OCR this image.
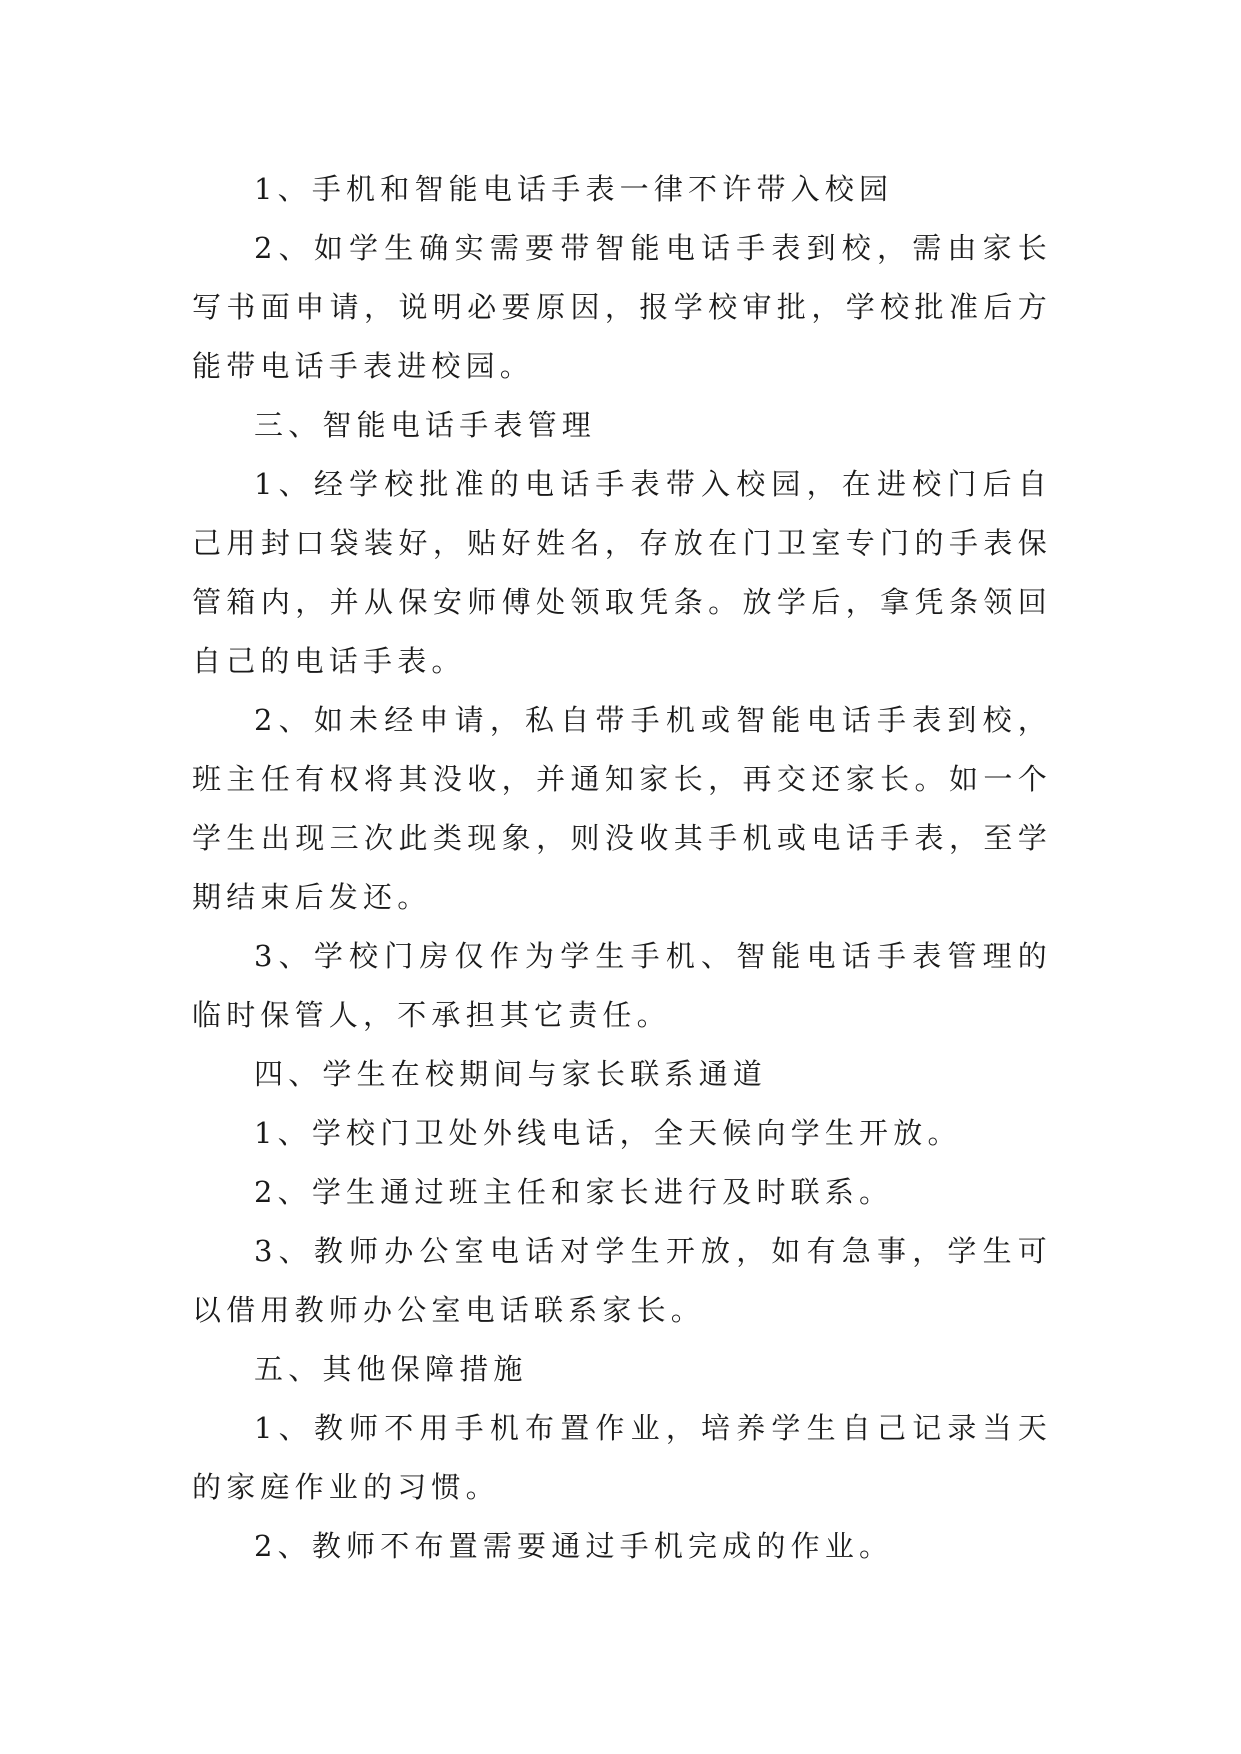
1、手机和智能电话手表一律不许带入校园

2、如学生确实需要带智能电话手表到校，需由家长写书面申请，说明必要原因，报学校审批，学校批准后方能带电话手表进校园。

三、智能电话手表管理

1、经学校批准的电话手表带入校园，在进校门后自己用封口袋装好，贴好姓名，存放在门卫室专门的手表保管箱内，并从保安师傅处领取凭条。放学后，拿凭条领回自己的电话手表。

2、如未经申请，私自带手机或智能电话手表到校，班主任有权将其没收，并通知家长，再交还家长。如一个学生出现三次此类现象，则没收其手机或电话手表，至学期结束后发还。

3、学校门房仅作为学生手机、智能电话手表管理的临时保管人，不承担其它责任。

四、学生在校期间与家长联系通道

1、学校门卫处外线电话，全天候向学生开放。

2、学生通过班主任和家长进行及时联系。

3、教师办公室电话对学生开放，如有急事，学生可以借用教师办公室电话联系家长。

五、其他保障措施

1、教师不用手机布置作业，培养学生自己记录当天的家庭作业的习惯。

2、教师不布置需要通过手机完成的作业。
